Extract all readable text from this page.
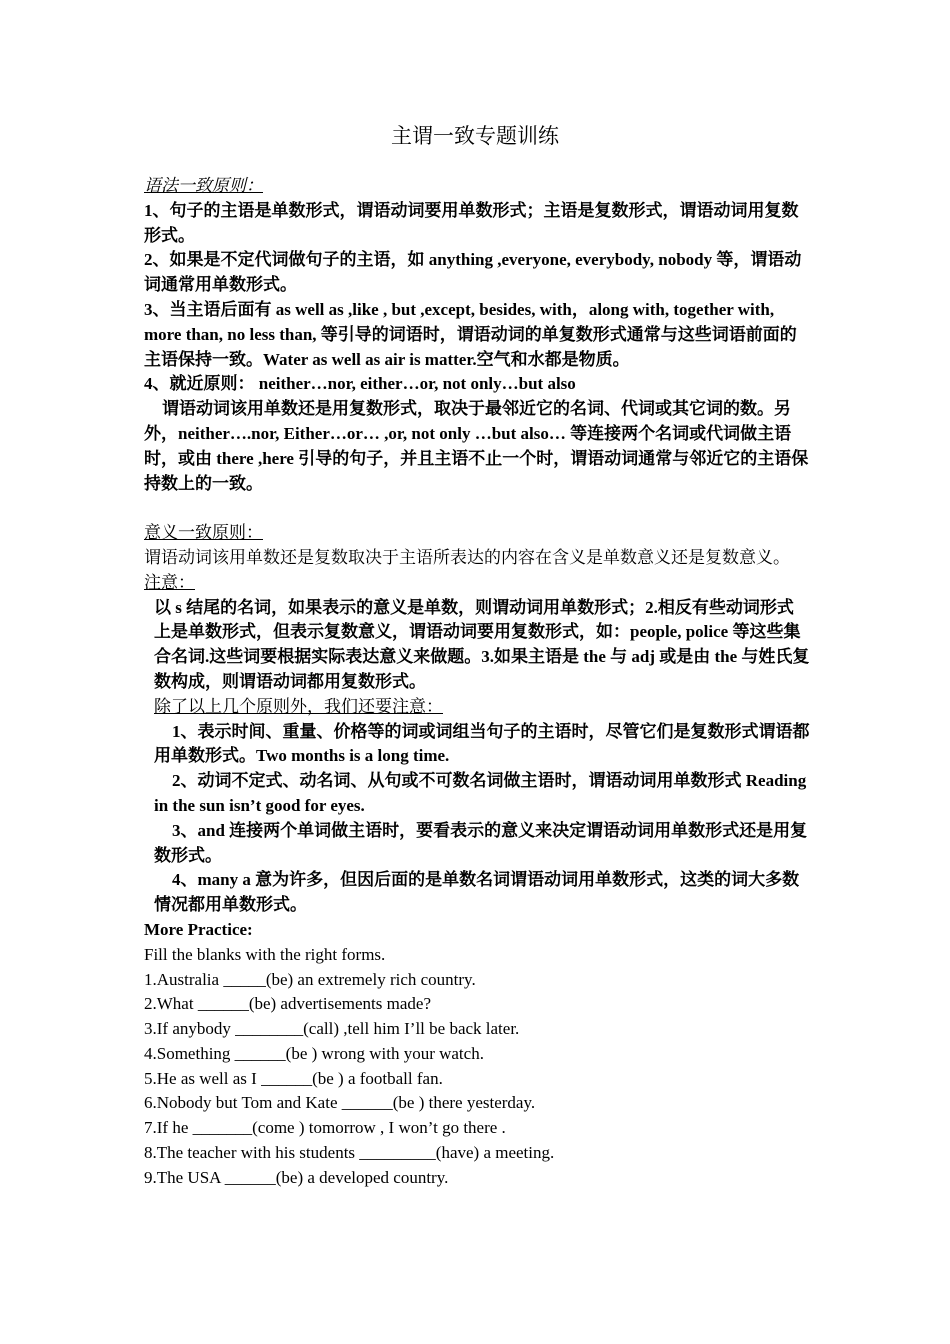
主谓一致专题训练

语法一致原则：

1、句子的主语是单数形式，谓语动词要用单数形式；主语是复数形式，谓语动词用复数形式。

2、如果是不定代词做句子的主语，如 anything ,everyone, everybody, nobody 等，谓语动词通常用单数形式。

3、当主语后面有 as well as ,like , but ,except, besides, with，along with, together with, more than, no less than, 等引导的词语时，谓语动词的单复数形式通常与这些词语前面的主语保持一致。Water as well as air is matter.空气和水都是物质。

4、就近原则： neither…nor, either…or, not only…but also

谓语动词该用单数还是用复数形式，取决于最邻近它的名词、代词或其它词的数。另外，neither….nor, Either…or… ,or, not only …but also… 等连接两个名词或代词做主语时，或由 there ,here 引导的句子，并且主语不止一个时，谓语动词通常与邻近它的主语保持数上的一致。

意义一致原则：

谓语动词该用单数还是复数取决于主语所表达的内容在含义是单数意义还是复数意义。

注意：

以 s 结尾的名词，如果表示的意义是单数，则谓动词用单数形式；2.相反有些动词形式上是单数形式，但表示复数意义，谓语动词要用复数形式，如：people, police 等这些集合名词.这些词要根据实际表达意义来做题。3.如果主语是 the 与 adj 或是由 the 与姓氏复数构成，则谓语动词都用复数形式。

除了以上几个原则外，我们还要注意：

1、表示时间、重量、价格等的词或词组当句子的主语时，尽管它们是复数形式谓语都用单数形式。Two months is a long time.

2、动词不定式、动名词、从句或不可数名词做主语时，谓语动词用单数形式 Reading in the sun isn’t good for eyes.

3、and 连接两个单词做主语时，要看表示的意义来决定谓语动词用单数形式还是用复数形式。

4、many a 意为许多，但因后面的是单数名词谓语动词用单数形式，这类的词大多数情况都用单数形式。

More Practice:

Fill the blanks with the right forms.

1.Australia _____(be) an extremely rich country.

2.What ______(be) advertisements made?

3.If anybody ________(call) ,tell him I’ll be back later.

4.Something ______(be ) wrong with your watch.

5.He as well as I ______(be ) a football fan.

6.Nobody but Tom and Kate ______(be ) there yesterday.

7.If he _______(come ) tomorrow , I won’t go there .

8.The teacher with his students _________(have) a meeting.

9.The USA ______(be) a developed country.
